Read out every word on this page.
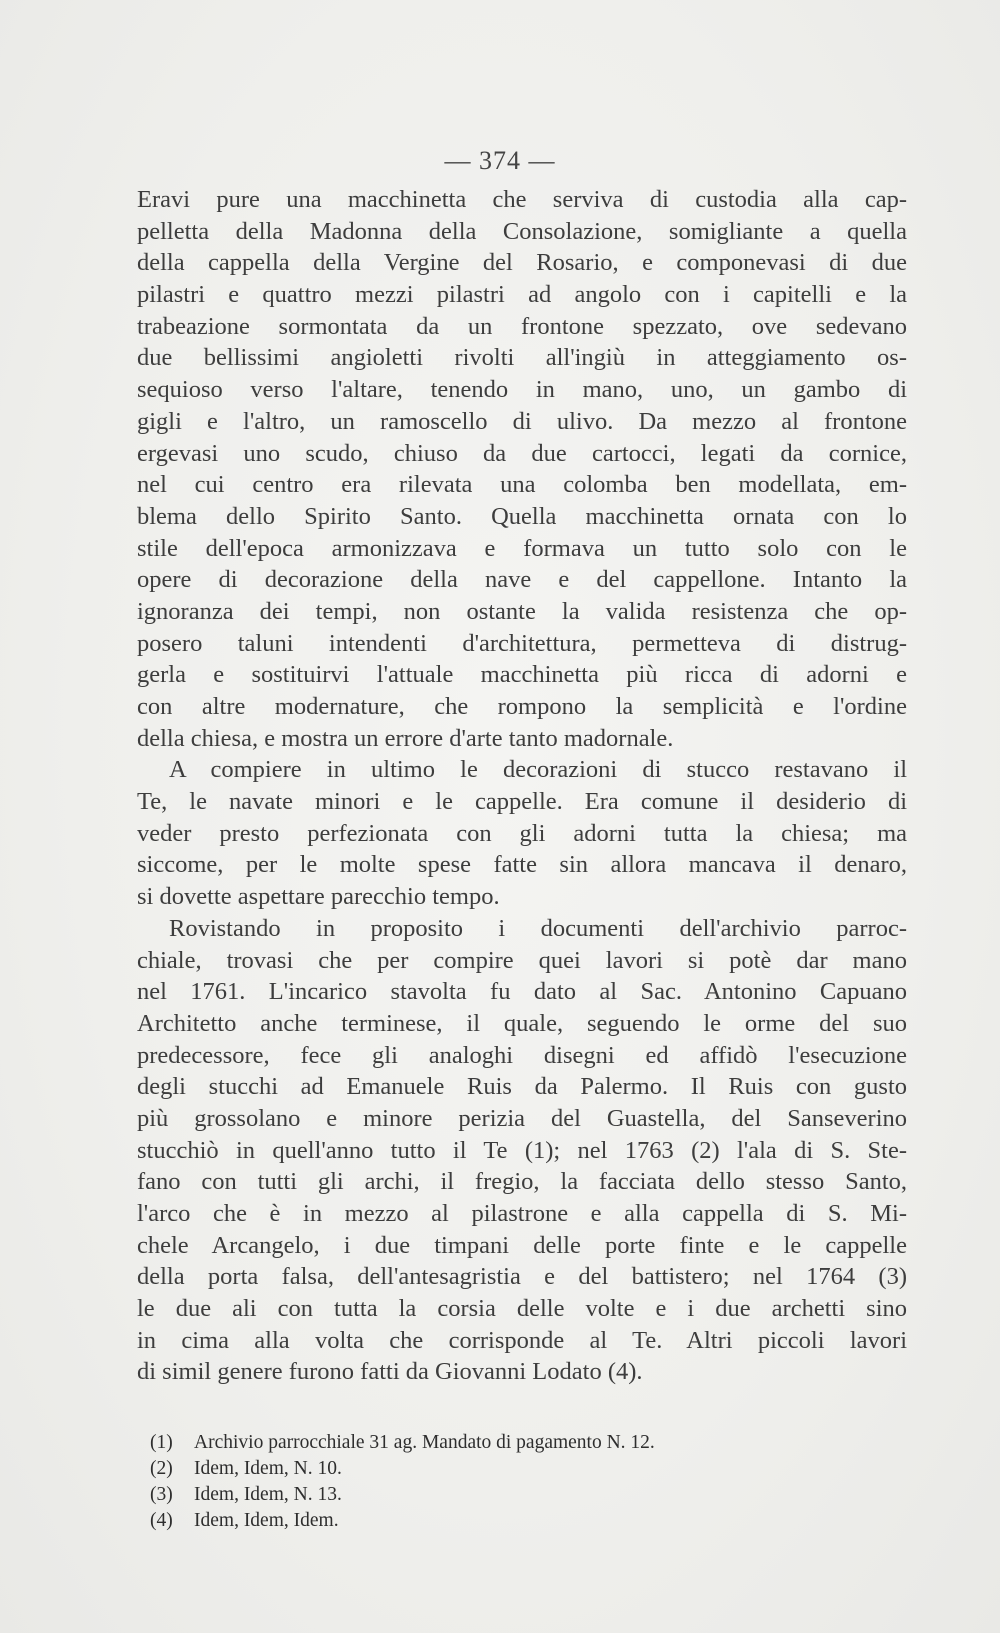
— 374 —
Eravi pure una macchinetta che serviva di custodia alla cap-
pelletta della Madonna della Consolazione, somigliante a quella
della cappella della Vergine del Rosario, e componevasi di due
pilastri e quattro mezzi pilastri ad angolo con i capitelli e la
trabeazione sormontata da un frontone spezzato, ove sedevano
due bellissimi angioletti rivolti all'ingiù in atteggiamento os-
sequioso verso l'altare, tenendo in mano, uno, un gambo di
gigli e l'altro, un ramoscello di ulivo. Da mezzo al frontone
ergevasi uno scudo, chiuso da due cartocci, legati da cornice,
nel cui centro era rilevata una colomba ben modellata, em-
blema dello Spirito Santo. Quella macchinetta ornata con lo
stile dell'epoca armonizzava e formava un tutto solo con le
opere di decorazione della nave e del cappellone. Intanto la
ignoranza dei tempi, non ostante la valida resistenza che op-
posero taluni intendenti d'architettura, permetteva di distrug-
gerla e sostituirvi l'attuale macchinetta più ricca di adorni e
con altre modernature, che rompono la semplicità e l'ordine
della chiesa, e mostra un errore d'arte tanto madornale.
A compiere in ultimo le decorazioni di stucco restavano il
Te, le navate minori e le cappelle. Era comune il desiderio di
veder presto perfezionata con gli adorni tutta la chiesa; ma
siccome, per le molte spese fatte sin allora mancava il denaro,
si dovette aspettare parecchio tempo.
Rovistando in proposito i documenti dell'archivio parroc-
chiale, trovasi che per compire quei lavori si potè dar mano
nel 1761. L'incarico stavolta fu dato al Sac. Antonino Capuano
Architetto anche terminese, il quale, seguendo le orme del suo
predecessore, fece gli analoghi disegni ed affidò l'esecuzione
degli stucchi ad Emanuele Ruis da Palermo. Il Ruis con gusto
più grossolano e minore perizia del Guastella, del Sanseverino
stucchiò in quell'anno tutto il Te (1); nel 1763 (2) l'ala di S. Ste-
fano con tutti gli archi, il fregio, la facciata dello stesso Santo,
l'arco che è in mezzo al pilastrone e alla cappella di S. Mi-
chele Arcangelo, i due timpani delle porte finte e le cappelle
della porta falsa, dell'antesagristia e del battistero; nel 1764 (3)
le due ali con tutta la corsia delle volte e i due archetti sino
in cima alla volta che corrisponde al Te. Altri piccoli lavori
di simil genere furono fatti da Giovanni Lodato (4).
(1) Archivio parrocchiale 31 ag. Mandato di pagamento N. 12.
(2) Idem, Idem, N. 10.
(3) Idem, Idem, N. 13.
(4) Idem, Idem, Idem.
